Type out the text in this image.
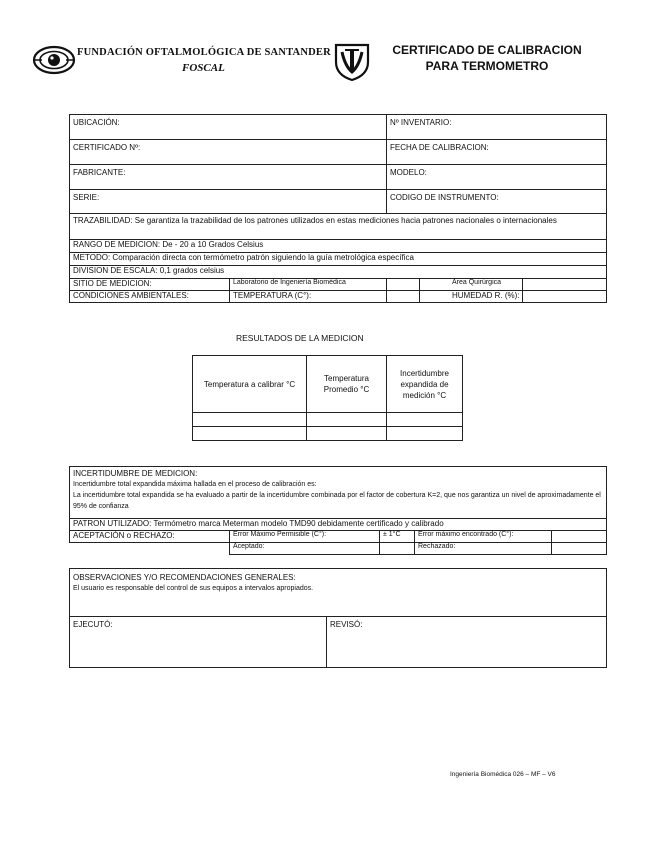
FUNDACIÓN OFTALMOLÓGICA DE SANTANDER
FOSCAL
CERTIFICADO DE CALIBRACION
PARA TERMOMETRO
UBICACIÓN:		Nº INVENTARIO:		
CERTIFICADO Nº:		FECHA DE CALIBRACION:		
FABRICANTE:		MODELO:		
SERIE:		CODIGO DE INSTRUMENTO:		
TRAZABILIDAD: Se garantiza la trazabilidad de los patrones utilizados en estas mediciones hacia patrones nacionales o internacionales				
RANGO DE MEDICION: De - 20 a 10 Grados Celsius				
METODO: Comparación directa con termómetro patrón siguiendo la guía metrológica específica				
DIVISION DE ESCALA: 0,1 grados celsius				
SITIO DE MEDICION:	Laboratorio de Ingeniería Biomédica		Área Quirúrgica	
CONDICIONES AMBIENTALES:	TEMPERATURA (C°):		HUMEDAD R. (%):	
RESULTADOS DE LA MEDICION
Temperatura a calibrar °C	Temperatura Promedio °C	Incertidumbre expandida de medición °C

INCERTIDUMBRE DE MEDICION:
Incertidumbre total expandida máxima hallada en el proceso de calibración es:
La incertidumbre total expandida se ha evaluado a partir de la incertidumbre combinada por el factor de cobertura K=2, que nos garantiza un nivel de aproximadamente el 95% de confianza				

PATRON UTILIZADO: Termómetro marca Meterman modelo TMD90 debidamente certificado y calibrado				
ACEPTACIÓN o RECHAZO:	Error Máximo Permisible (C°):	± 1°C	Error máximo encontrado (C°):	
	Aceptado:		Rechazado:	
OBSERVACIONES Y/O RECOMENDACIONES GENERALES:
El usuario es responsable del control de sus equipos a intervalos apropiados.

EJECUTÓ:	REVISÓ:
Ingeniería Biomédica 026 – MF – V6
